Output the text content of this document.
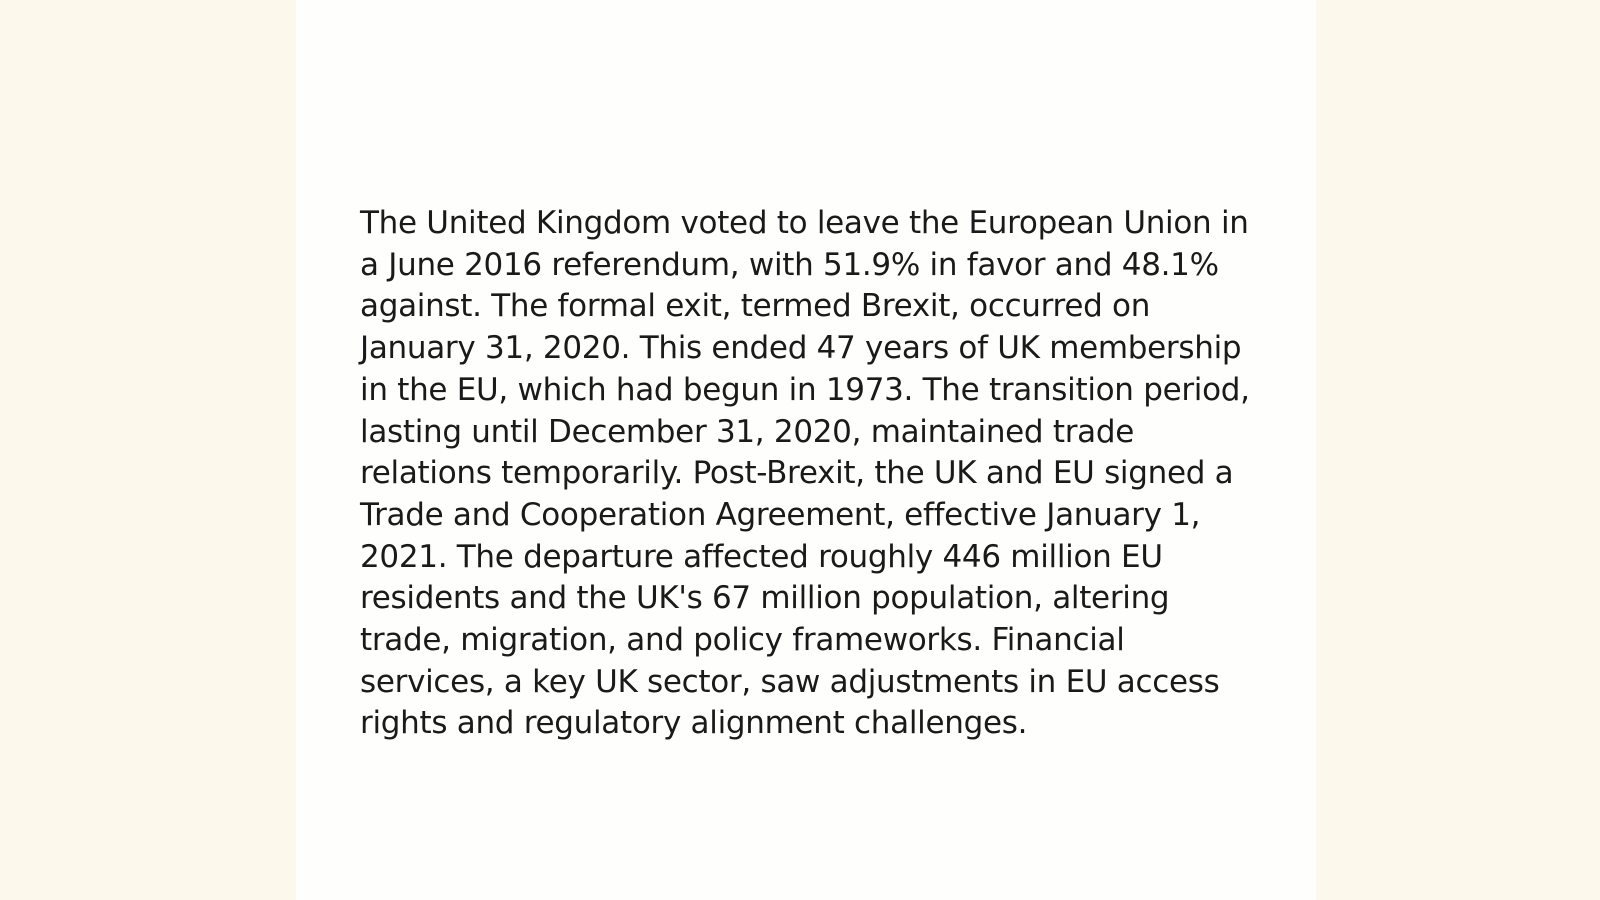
The United Kingdom voted to leave the European Union in a June 2016 referendum, with 51.9% in favor and 48.1% against. The formal exit, termed Brexit, occurred on January 31, 2020. This ended 47 years of UK membership in the EU, which had begun in 1973. The transition period, lasting until December 31, 2020, maintained trade relations temporarily. Post-Brexit, the UK and EU signed a Trade and Cooperation Agreement, effective January 1, 2021. The departure affected roughly 446 million EU residents and the UK's 67 million population, altering trade, migration, and policy frameworks. Financial services, a key UK sector, saw adjustments in EU access rights and regulatory alignment challenges.
